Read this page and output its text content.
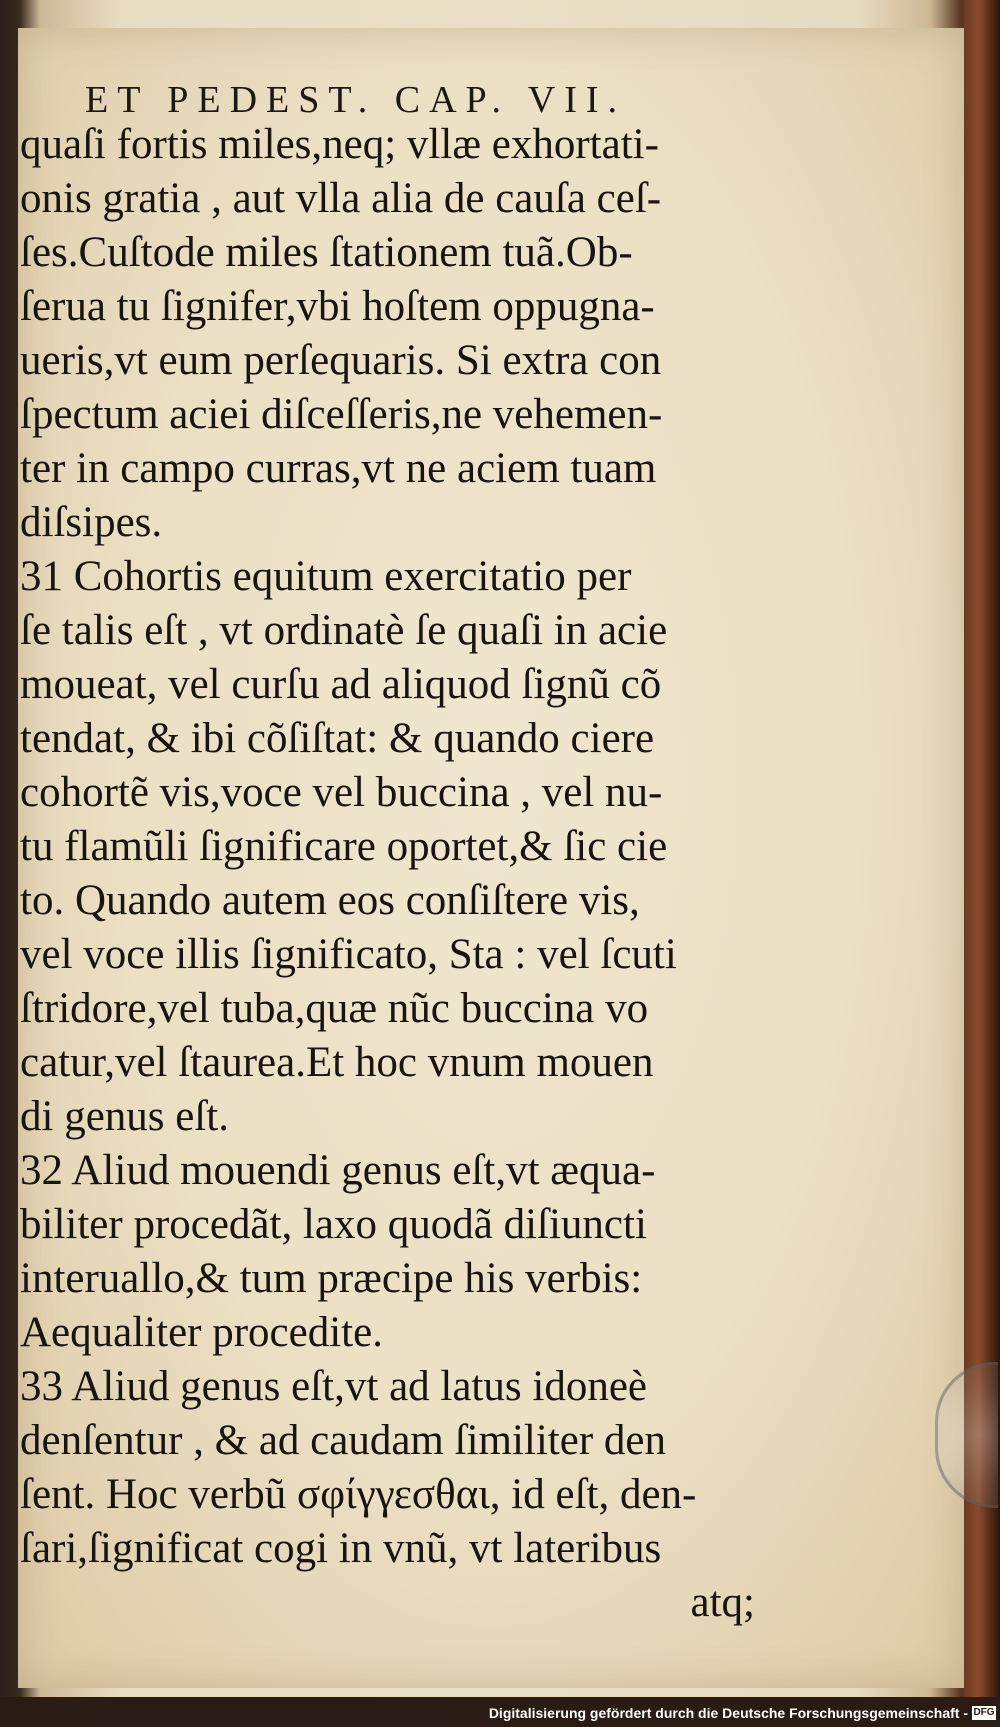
ET PEDEST. CAP. VII.
quaſi fortis miles,neq; vllæ exhortati-
onis gratia , aut vlla alia de cauſa ceſ-
ſes.Cuſtode miles ſtationem tuã.Ob-
ſerua tu ſignifer,vbi hoſtem oppugna-
ueris,vt eum perſequaris. Si extra con
ſpectum aciei diſceſſeris,ne vehemen-
ter in campo curras,vt ne aciem tuam
diſsipes.
31 Cohortis equitum exercitatio per
ſe talis eſt , vt ordinatè ſe quaſi in acie
moueat, vel curſu ad aliquod ſignũ cõ
tendat, & ibi cõſiſtat: & quando ciere
cohortẽ vis,voce vel buccina , vel nu-
tu flamũli ſignificare oportet,& ſic cie
to. Quando autem eos conſiſtere vis,
vel voce illis ſignificato, Sta : vel ſcuti
ſtridore,vel tuba,quæ nũc buccina vo
catur,vel ſtaurea.Et hoc vnum mouen
di genus eſt.
32 Aliud mouendi genus eſt,vt æqua-
biliter procedãt, laxo quodã diſiuncti
interuallo,& tum præcipe his verbis:
Aequaliter procedite.
33 Aliud genus eſt,vt ad latus idoneè
denſentur , & ad caudam ſimiliter den
ſent. Hoc verbũ σφίγγεσθαι, id eſt, den-
ſari,ſignificat cogi in vnũ, vt lateribus
atq;
Digitalisierung gefördert durch die Deutsche Forschungsgemeinschaft - DFG
